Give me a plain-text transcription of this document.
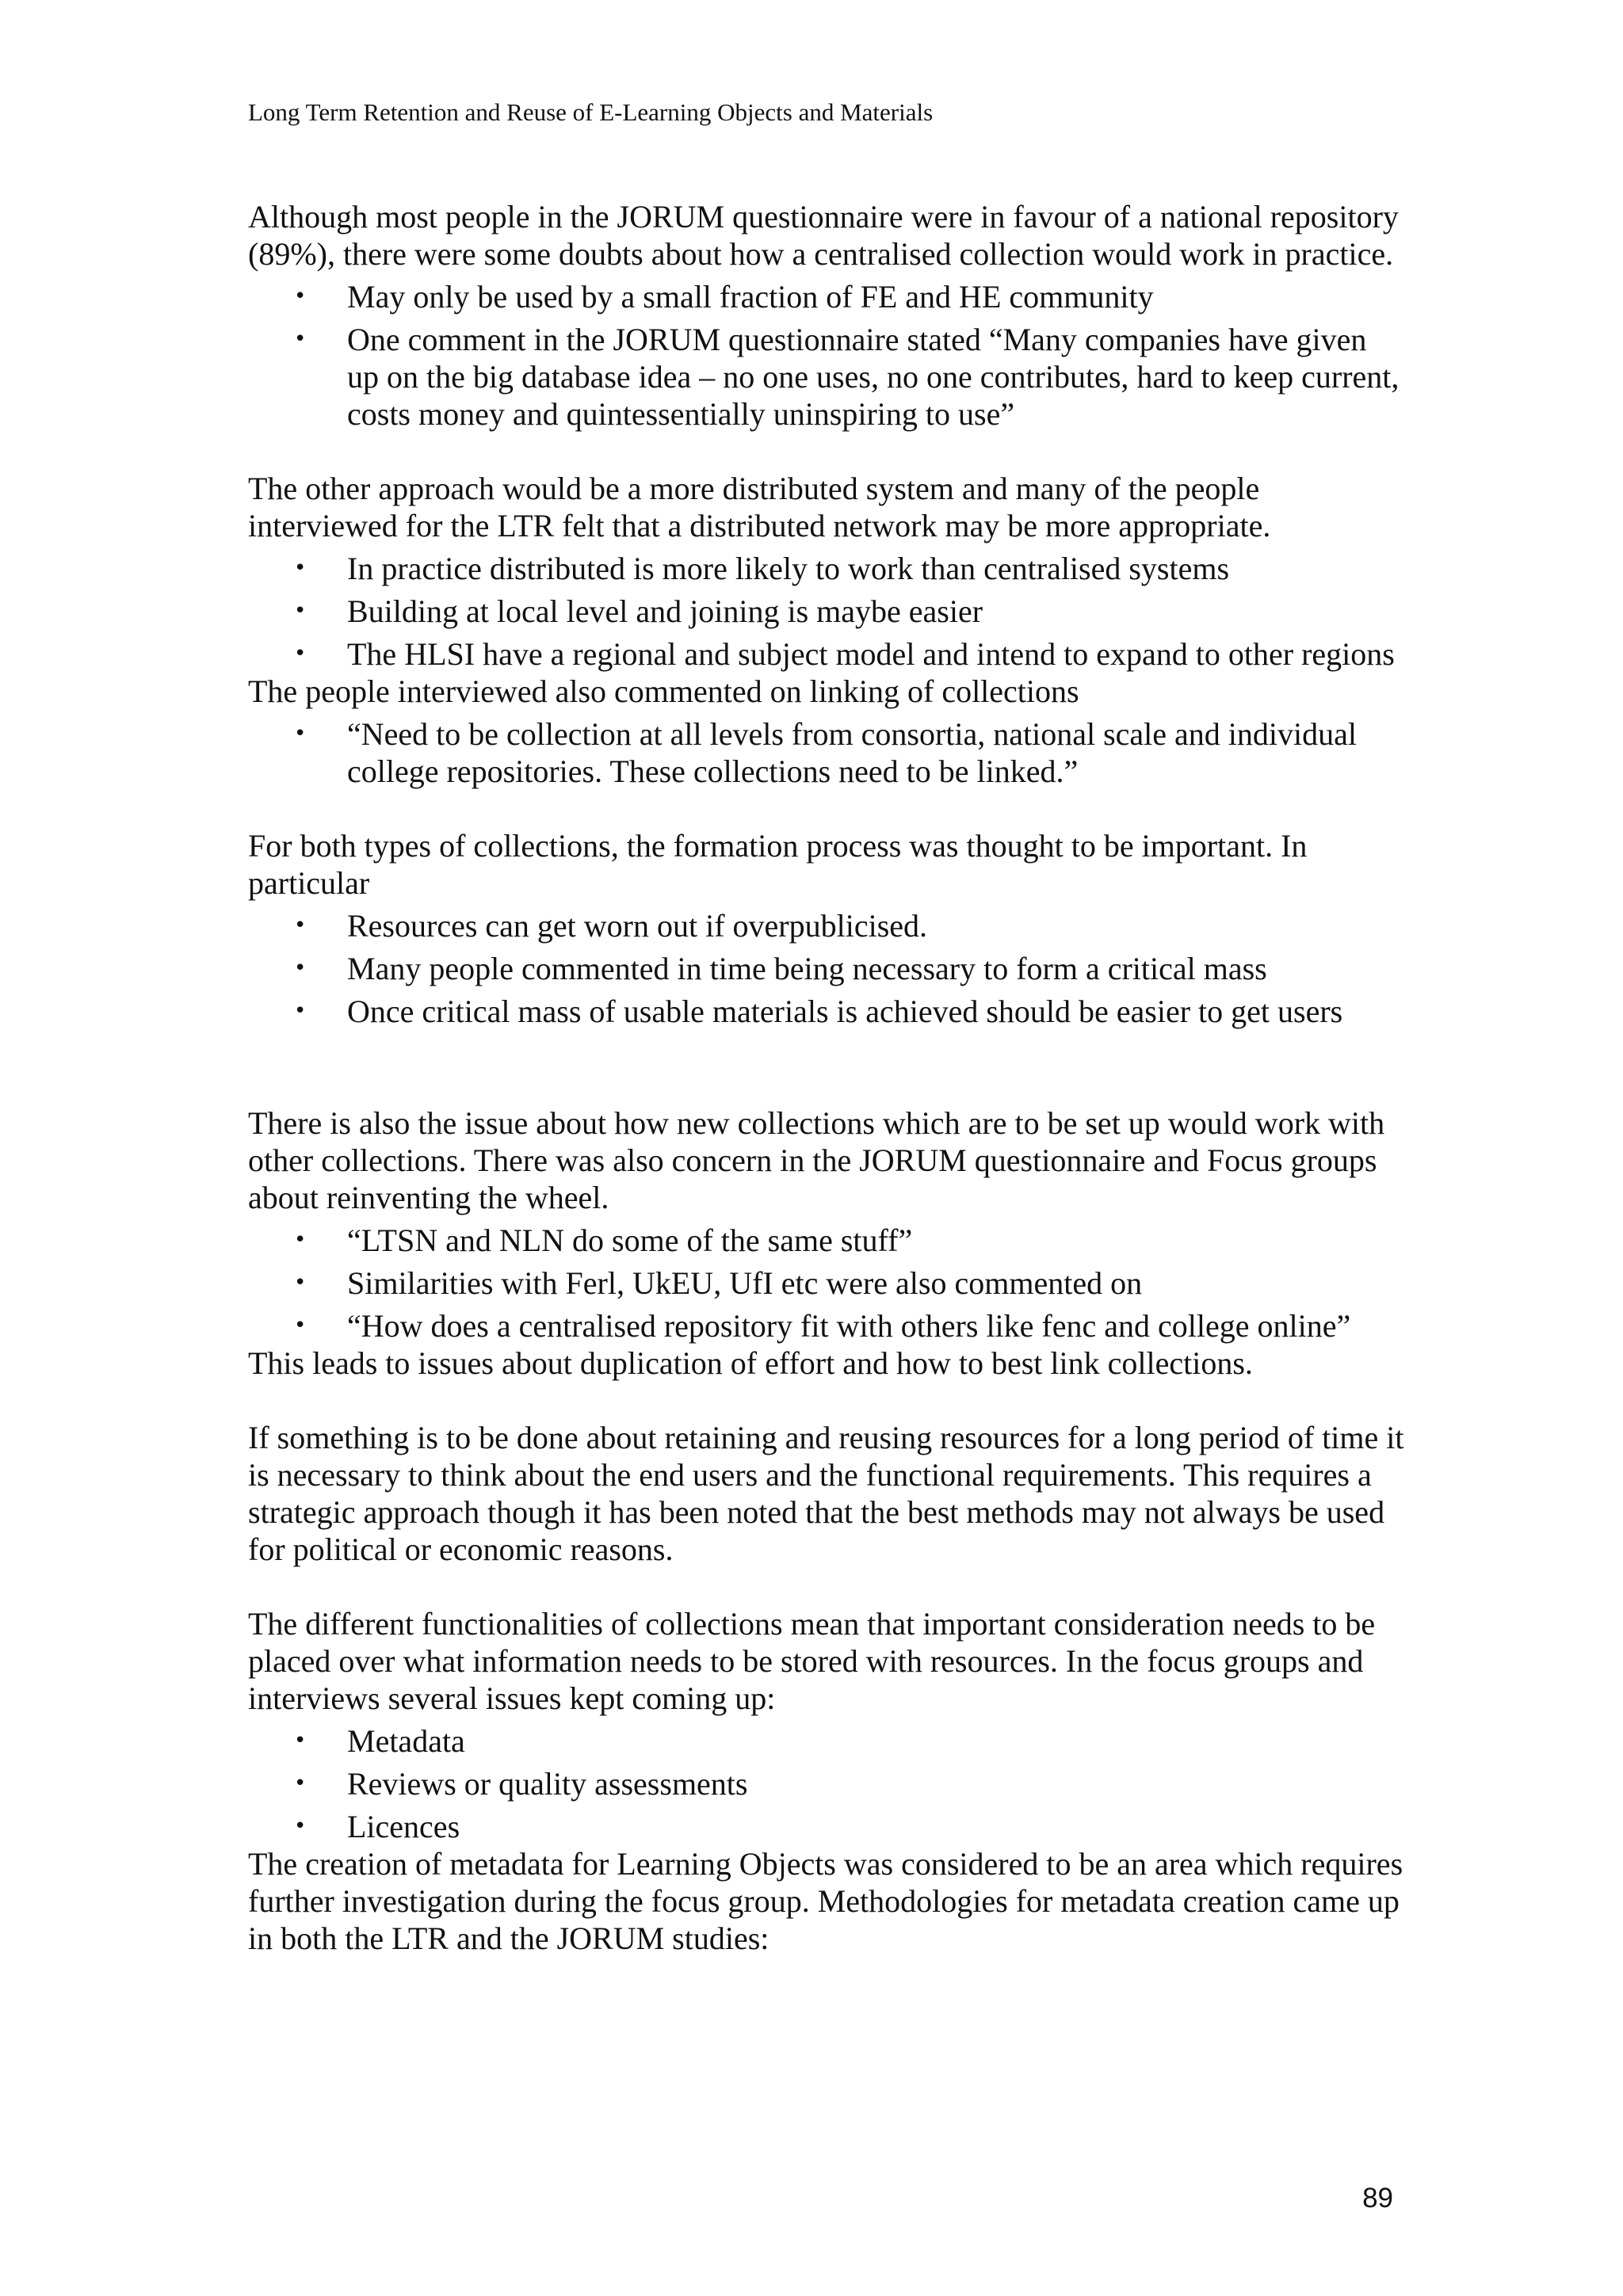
Long Term Retention and Reuse of E-Learning Objects and Materials

Although most people in the JORUM questionnaire were in favour of a national repository (89%), there were some doubts about how a centralised collection would work in practice.

• May only be used by a small fraction of FE and HE community
• One comment in the JORUM questionnaire stated “Many companies have given up on the big database idea – no one uses, no one contributes, hard to keep current, costs money and quintessentially uninspiring to use”

The other approach would be a more distributed system and many of the people interviewed for the LTR felt that a distributed network may be more appropriate.

• In practice distributed is more likely to work than centralised systems
• Building at local level and joining is maybe easier
• The HLSI have a regional and subject model and intend to expand to other regions

The people interviewed also commented on linking of collections

• “Need to be collection at all levels from consortia, national scale and individual college repositories. These collections need to be linked.”

For both types of collections, the formation process was thought to be important. In particular

• Resources can get worn out if overpublicised.
• Many people commented in time being necessary to form a critical mass
• Once critical mass of usable materials is achieved should be easier to get users

There is also the issue about how new collections which are to be set up would work with other collections. There was also concern in the JORUM questionnaire and Focus groups about reinventing the wheel.

• “LTSN and NLN do some of the same stuff”
• Similarities with Ferl, UkEU, UfI etc were also commented on
• “How does a centralised repository fit with others like fenc and college online”

This leads to issues about duplication of effort and how to best link collections.

If something is to be done about retaining and reusing resources for a long period of time it is necessary to think about the end users and the functional requirements. This requires a strategic approach though it has been noted that the best methods may not always be used for political or economic reasons.

The different functionalities of collections mean that important consideration needs to be placed over what information needs to be stored with resources. In the focus groups and interviews several issues kept coming up:

• Metadata
• Reviews or quality assessments
• Licences

The creation of metadata for Learning Objects was considered to be an area which requires further investigation during the focus group. Methodologies for metadata creation came up in both the LTR and the JORUM studies:

89
